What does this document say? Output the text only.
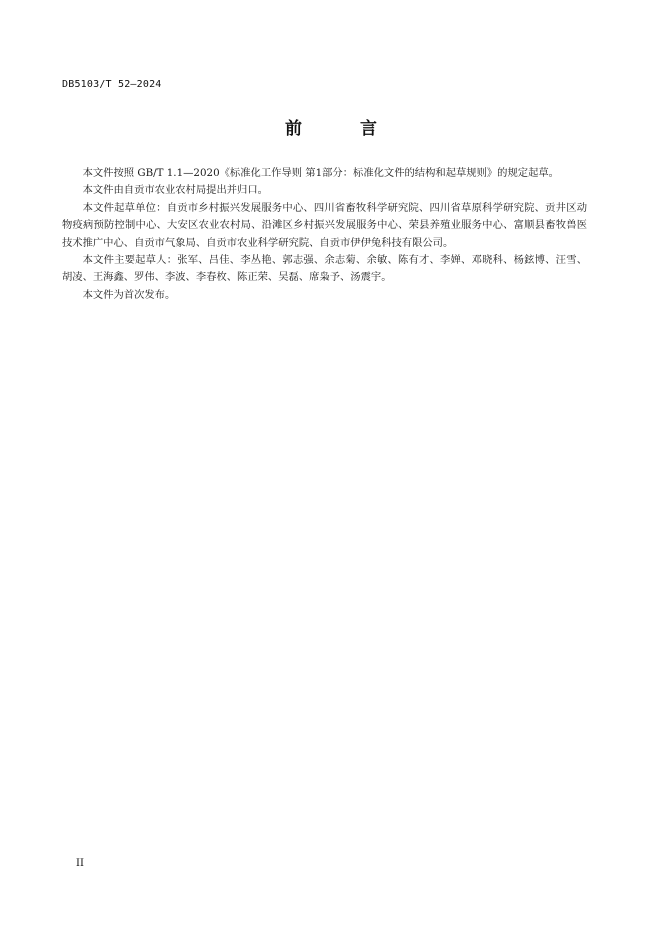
DB5103/T 52—2024
前 言

本文件按照 GB/T 1.1—2020《标准化工作导则 第1部分：标准化文件的结构和起草规则》的规定起草。

本文件由自贡市农业农村局提出并归口。

本文件起草单位：自贡市乡村振兴发展服务中心、四川省畜牧科学研究院、四川省草原科学研究院、贡井区动物疫病预防控制中心、大安区农业农村局、沿滩区乡村振兴发展服务中心、荣县养殖业服务中心、富顺县畜牧兽医技术推广中心、自贡市气象局、自贡市农业科学研究院、自贡市伊伊兔科技有限公司。

本文件主要起草人：张军、吕佳、李丛艳、郭志强、余志菊、余敏、陈有才、李婵、邓晓科、杨鉉博、汪雪、胡凌、王海鑫、罗伟、李波、李春枚、陈正荣、吴磊、席枭予、汤震宇。

本文件为首次发布。

II
